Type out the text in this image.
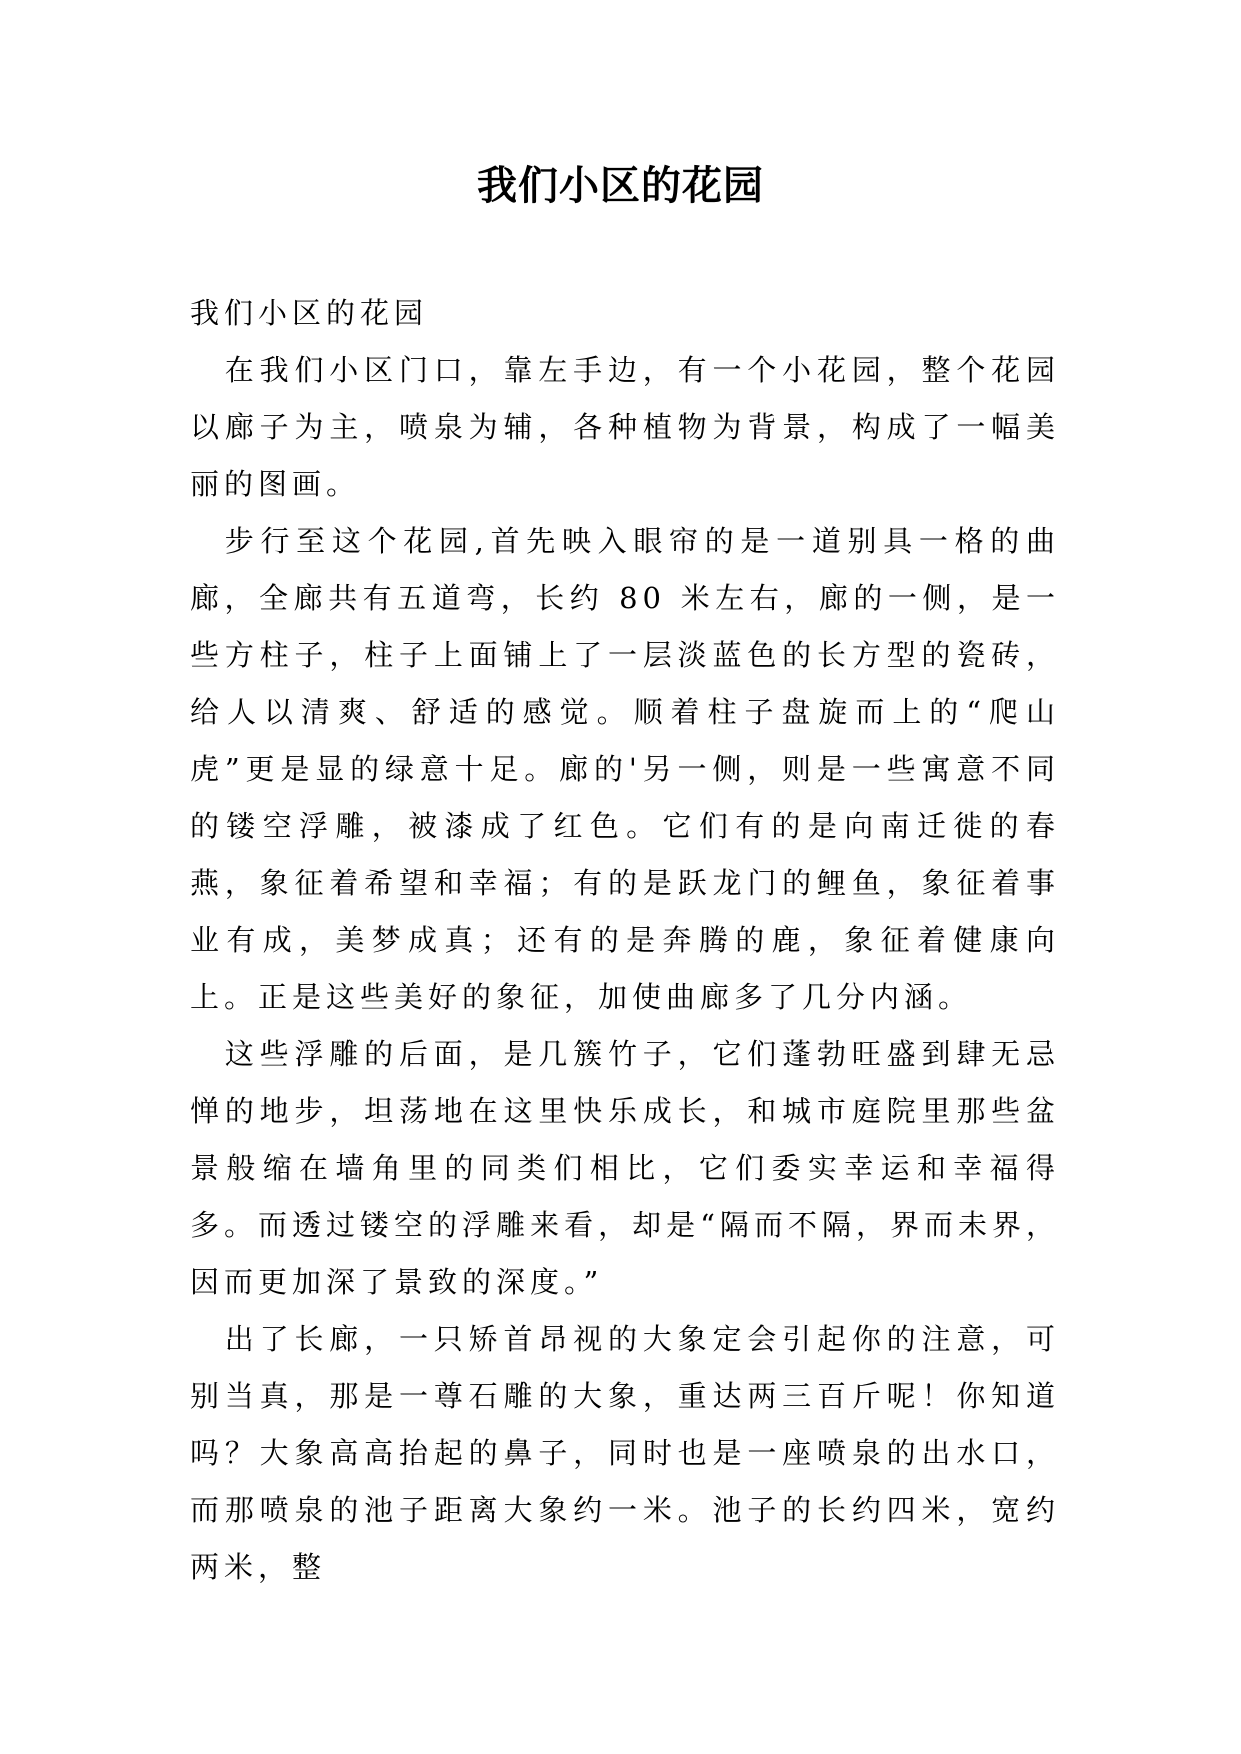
我们小区的花园

我们小区的花园

在我们小区门口，靠左手边，有一个小花园，整个花园以廊子为主，喷泉为辅，各种植物为背景，构成了一幅美丽的图画。

步行至这个花园,首先映入眼帘的是一道别具一格的曲廊，全廊共有五道弯，长约 80 米左右，廊的一侧，是一些方柱子，柱子上面铺上了一层淡蓝色的长方型的瓷砖，给人以清爽、舒适的感觉。顺着柱子盘旋而上的“爬山虎”更是显的绿意十足。廊的'另一侧，则是一些寓意不同的镂空浮雕，被漆成了红色。它们有的是向南迁徙的春燕，象征着希望和幸福；有的是跃龙门的鲤鱼，象征着事业有成，美梦成真；还有的是奔腾的鹿，象征着健康向上。正是这些美好的象征，加使曲廊多了几分内涵。

这些浮雕的后面，是几簇竹子，它们蓬勃旺盛到肆无忌惮的地步，坦荡地在这里快乐成长，和城市庭院里那些盆景般缩在墙角里的同类们相比，它们委实幸运和幸福得多。而透过镂空的浮雕来看，却是“隔而不隔，界而未界，因而更加深了景致的深度。”

出了长廊，一只矫首昂视的大象定会引起你的注意，可别当真，那是一尊石雕的大象，重达两三百斤呢！你知道吗？大象高高抬起的鼻子，同时也是一座喷泉的出水口，而那喷泉的池子距离大象约一米。池子的长约四米，宽约两米，整
